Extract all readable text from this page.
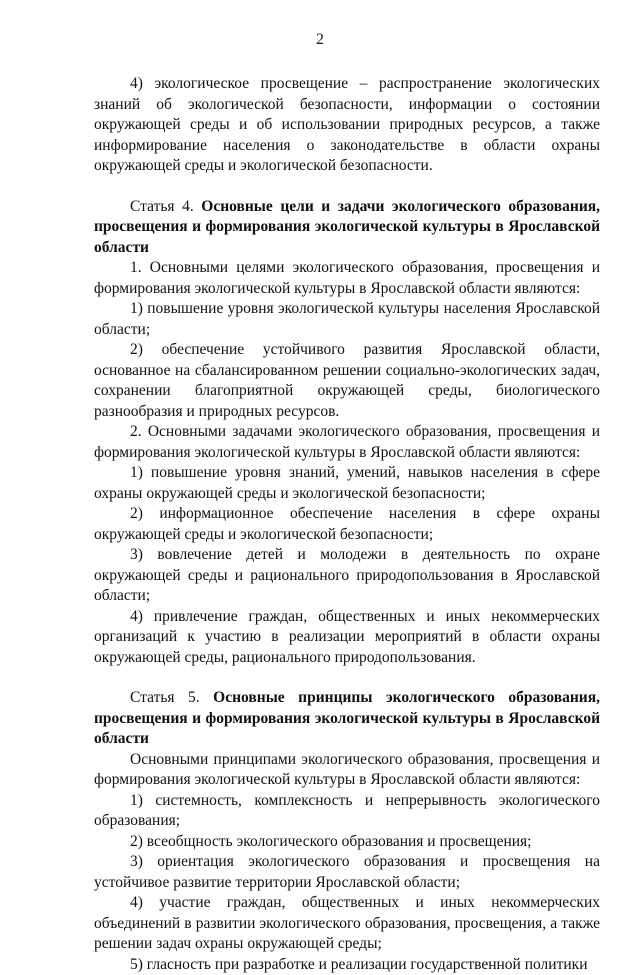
2

4) экологическое просвещение – распространение экологических знаний об экологической безопасности, информации о состоянии окружающей среды и об использовании природных ресурсов, а также информирование населения о законодательстве в области охраны окружающей среды и экологической безопасности.

Статья 4. Основные цели и задачи экологического образования, просвещения и формирования экологической культуры в Ярославской области

1. Основными целями экологического образования, просвещения и формирования экологической культуры в Ярославской области являются:

1) повышение уровня экологической культуры населения Ярославской области;

2) обеспечение устойчивого развития Ярославской области, основанное на сбалансированном решении социально-экологических задач, сохранении благоприятной окружающей среды, биологического разнообразия и природных ресурсов.

2. Основными задачами экологического образования, просвещения и формирования экологической культуры в Ярославской области являются:

1) повышение уровня знаний, умений, навыков населения в сфере охраны окружающей среды и экологической безопасности;

2) информационное обеспечение населения в сфере охраны окружающей среды и экологической безопасности;

3) вовлечение детей и молодежи в деятельность по охране окружающей среды и рационального природопользования в Ярославской области;

4) привлечение граждан, общественных и иных некоммерческих организаций к участию в реализации мероприятий в области охраны окружающей среды, рационального природопользования.

Статья 5. Основные принципы экологического образования, просвещения и формирования экологической культуры в Ярославской области

Основными принципами экологического образования, просвещения и формирования экологической культуры в Ярославской области являются:

1) системность, комплексность и непрерывность экологического образования;

2) всеобщность экологического образования и просвещения;

3) ориентация экологического образования и просвещения на устойчивое развитие территории Ярославской области;

4) участие граждан, общественных и иных некоммерческих объединений в развитии экологического образования, просвещения, а также решении задач охраны окружающей среды;

5) гласность при разработке и реализации государственной политики
